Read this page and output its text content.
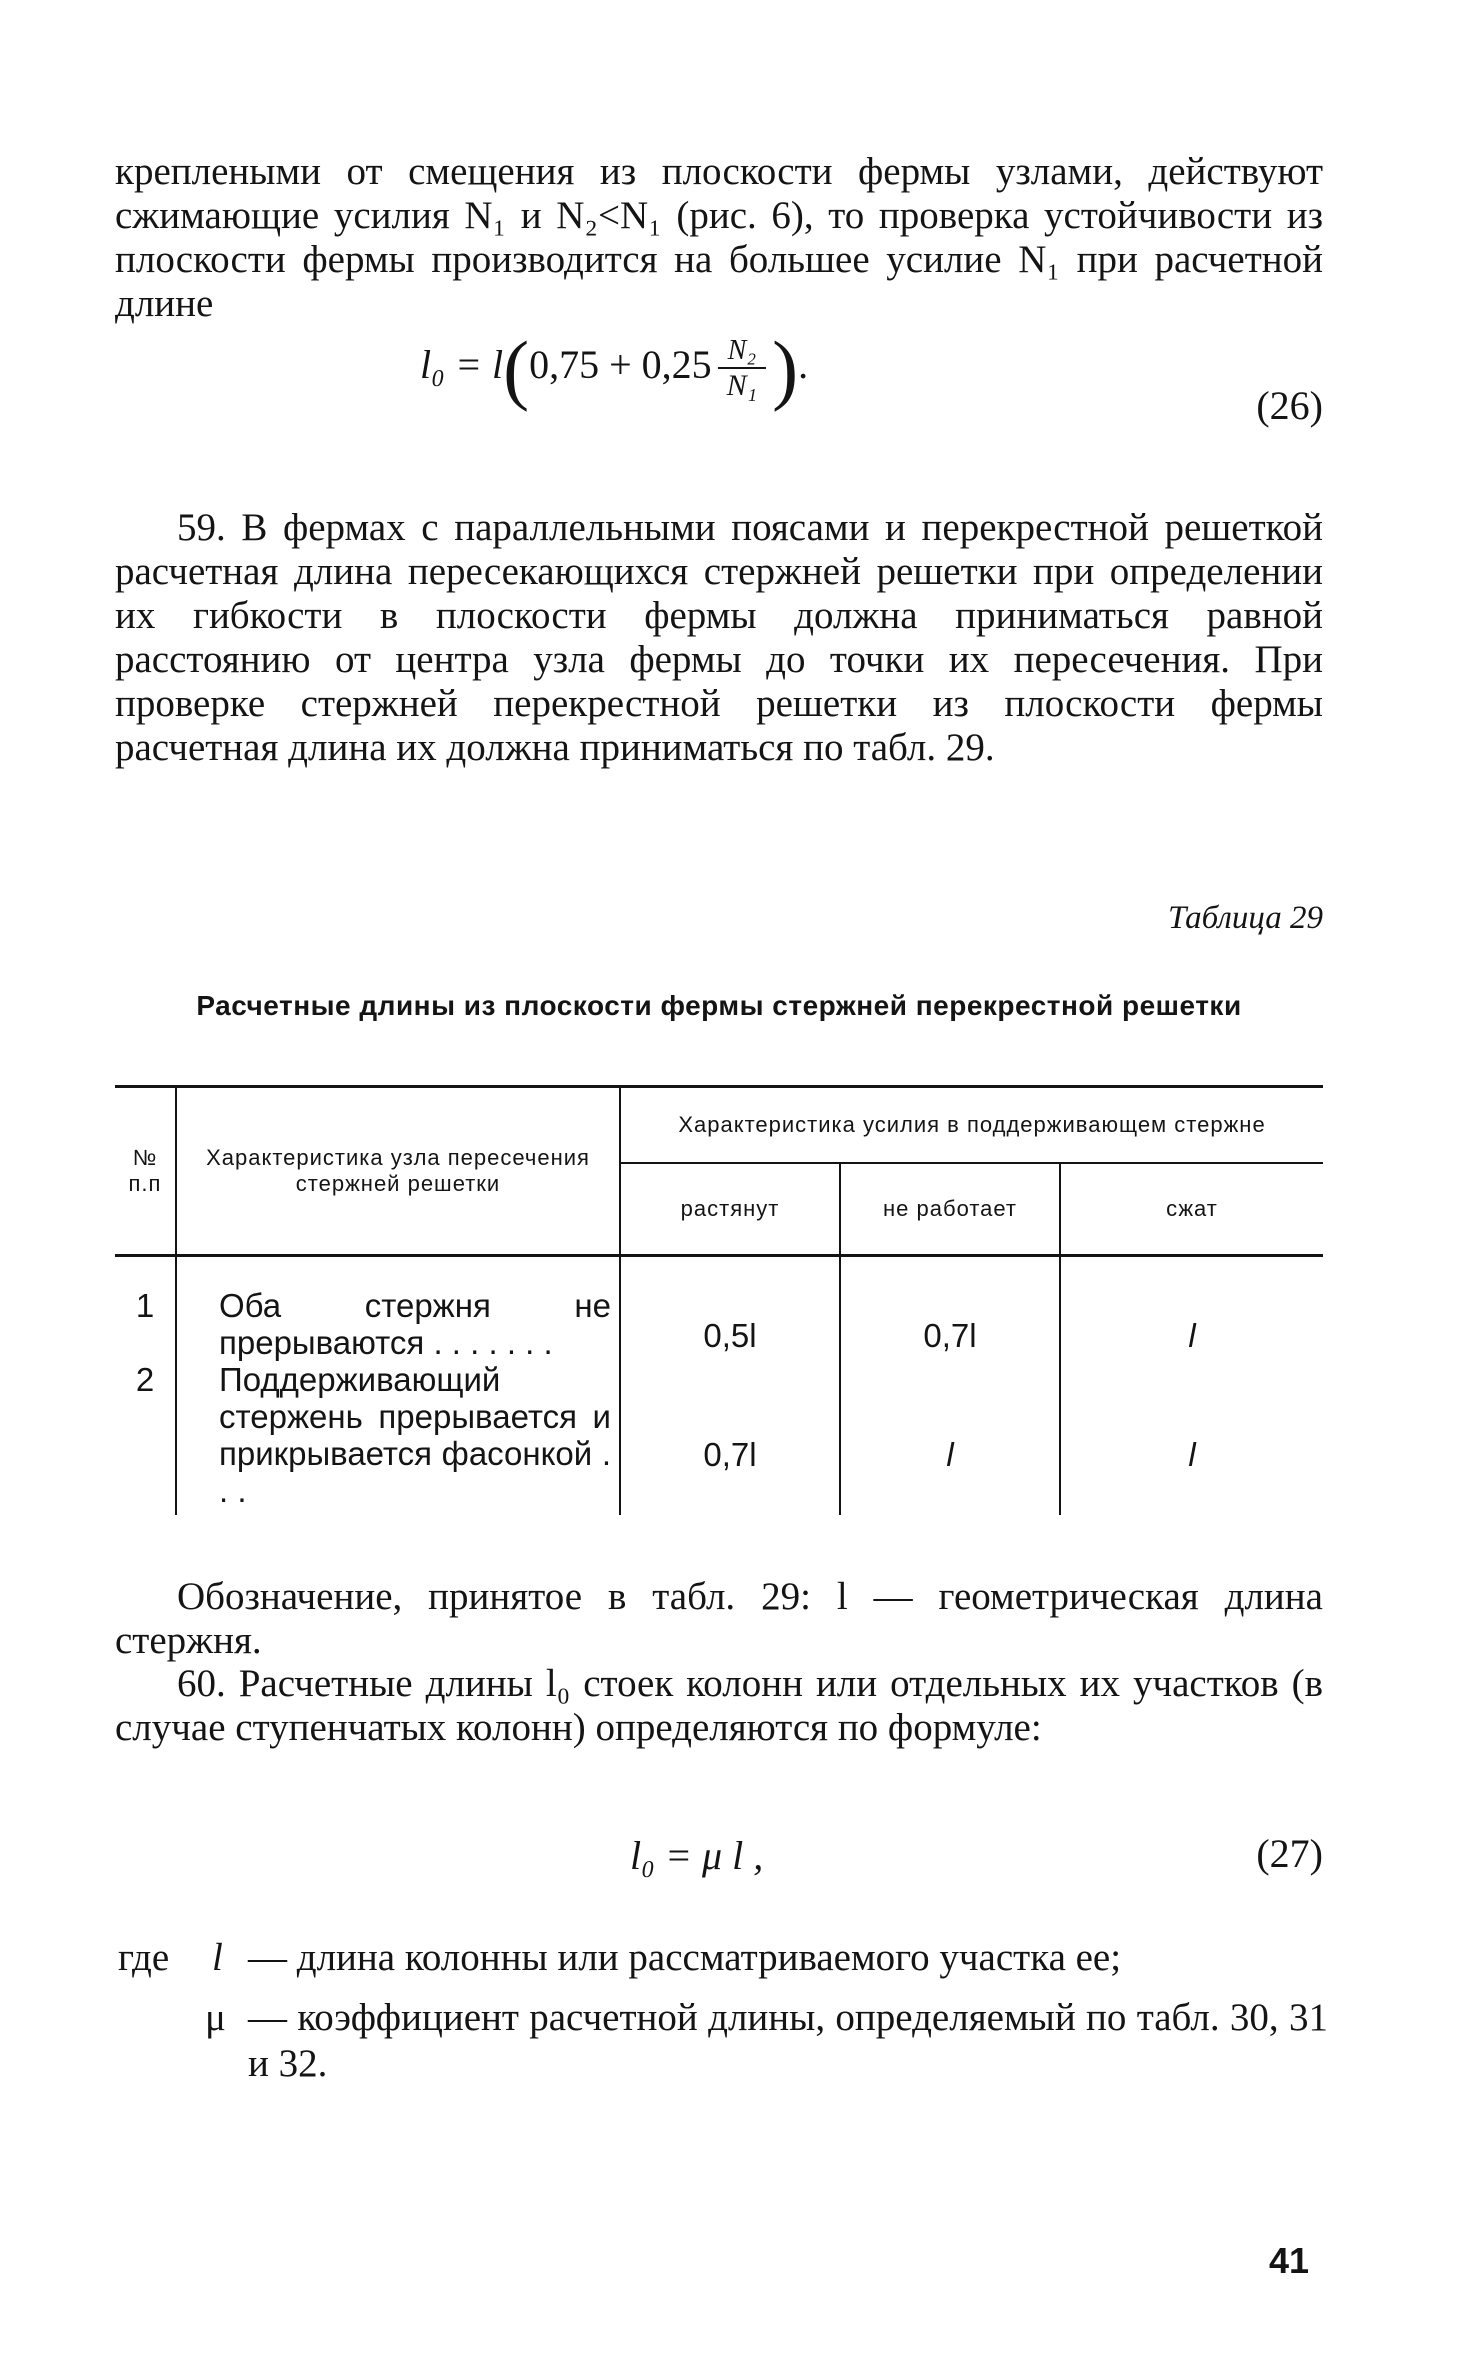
креплеными от смещения из плоскости фермы узлами, действуют сжимающие усилия N₁ и N₂<N₁ (рис. 6), то проверка устойчивости из плоскости фермы производится на большее усилие N₁ при расчетной длине

$l_0 = l(0,75 + 0,25 \frac{\text{N₂}}{\text{N₁}}$ ).
(26)

59. В фермах с параллельными поясами и перекрестной решеткой расчетная длина пересекающихся стержней решетки при определении их гибкости в плоскости фермы должна приниматься равной расстоянию от центра узла фермы до точки их пересечения. При проверке стержней перекрестной решетки из плоскости фермы расчетная длина их должна приниматься по табл. 29.

Таблица 29
Расчетные длины из плоскости фермы стержней перекрестной решетки
№ п.п	Характеристика узла пересечения стержней решетки	Характеристика усилия в поддерживающем стержне		
		растянут	не работает	сжат
1	Оба стержня не прерываются . . . . . . .	0,5l	0,7l	l
2	Поддерживающий стержень прерывается и прикрывается фасонкой . . .	0,7l	l	l

Обозначение, принятое в табл. 29: l — геометрическая длина стержня.

60. Расчетные длины l₀ стоек колонн или отдельных их участков (в случае ступенчатых колонн) определяются по формуле:

l₀ = μ l ,	(27)
где l — длина колонны или рассматриваемого участка ее;
μ — коэффициент расчетной длины, определяемый по табл. 30, 31 и 32.
41
